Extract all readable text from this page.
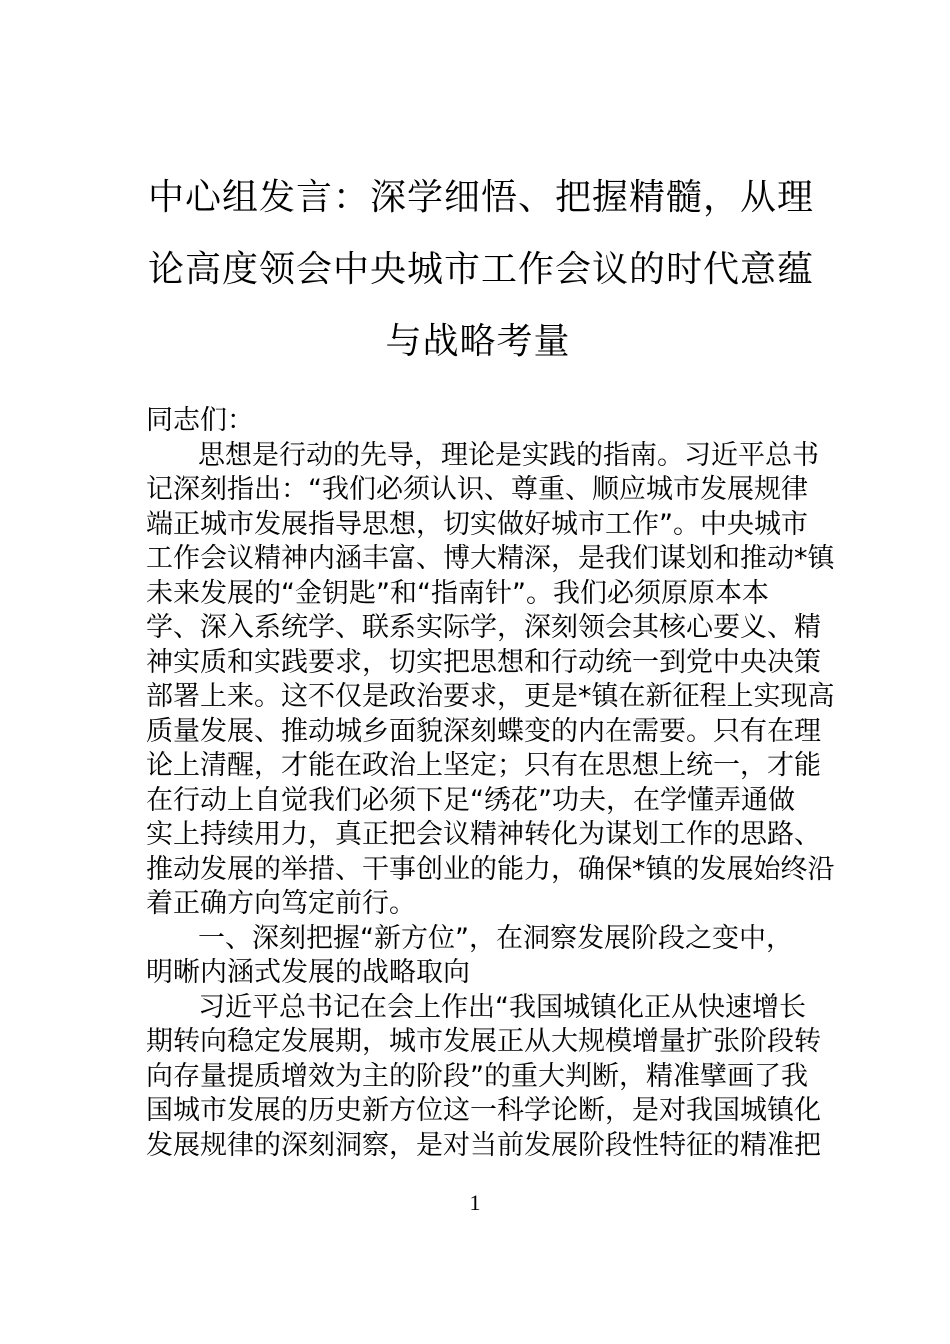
中心组发言：深学细悟、把握精髓，从理
论高度领会中央城市工作会议的时代意蕴
与战略考量
同志们：
思想是行动的先导，理论是实践的指南。习近平总书
记深刻指出：“我们必须认识、尊重、顺应城市发展规律
端正城市发展指导思想，切实做好城市工作”。中央城市
工作会议精神内涵丰富、博大精深，是我们谋划和推动*镇
未来发展的“金钥匙”和“指南针”。我们必须原原本本
学、深入系统学、联系实际学，深刻领会其核心要义、精
神实质和实践要求，切实把思想和行动统一到党中央决策
部署上来。这不仅是政治要求，更是*镇在新征程上实现高
质量发展、推动城乡面貌深刻蝶变的内在需要。只有在理
论上清醒，才能在政治上坚定；只有在思想上统一，才能
在行动上自觉我们必须下足“绣花”功夫，在学懂弄通做
实上持续用力，真正把会议精神转化为谋划工作的思路、
推动发展的举措、干事创业的能力，确保*镇的发展始终沿
着正确方向笃定前行。
一、深刻把握“新方位”，在洞察发展阶段之变中，
明晰内涵式发展的战略取向
习近平总书记在会上作出“我国城镇化正从快速增长
期转向稳定发展期，城市发展正从大规模增量扩张阶段转
向存量提质增效为主的阶段”的重大判断，精准擘画了我
国城市发展的历史新方位这一科学论断，是对我国城镇化
发展规律的深刻洞察，是对当前发展阶段性特征的精准把
1
